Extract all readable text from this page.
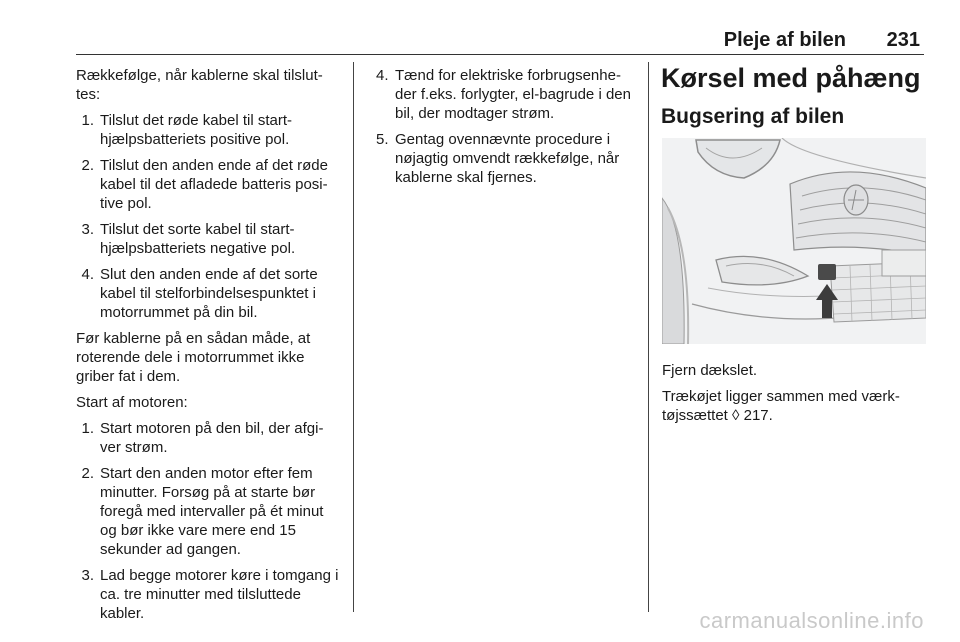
Pleje af bilen 231

Rækkefølge, når kablerne skal tilslut-tes:

1. Tilslut det røde kabel til start-hjælpsbatteriets positive pol.
2. Tilslut den anden ende af det røde kabel til det afladede batteris posi-tive pol.
3. Tilslut det sorte kabel til start-hjælpsbatteriets negative pol.
4. Slut den anden ende af det sorte kabel til stelforbindelsespunktet i motorrummet på din bil.

Før kablerne på en sådan måde, at roterende dele i motorrummet ikke griber fat i dem.

Start af motoren:

1. Start motoren på den bil, der afgi-ver strøm.
2. Start den anden motor efter fem minutter. Forsøg på at starte bør foregå med intervaller på ét minut og bør ikke vare mere end 15 sekunder ad gangen.
3. Lad begge motorer køre i tomgang i ca. tre minutter med tilsluttede kabler.
4. Tænd for elektriske forbrugsenhe-der f.eks. forlygter, el-bagrude i den bil, der modtager strøm.
5. Gentag ovennævnte procedure i nøjagtig omvendt rækkefølge, når kablerne skal fjernes.
Kørsel med påhæng
Bugsering af bilen

Fjern dækslet.

Trækøjet ligger sammen med værk-tøjssættet ◊ 217.

carmanualsonline.info
